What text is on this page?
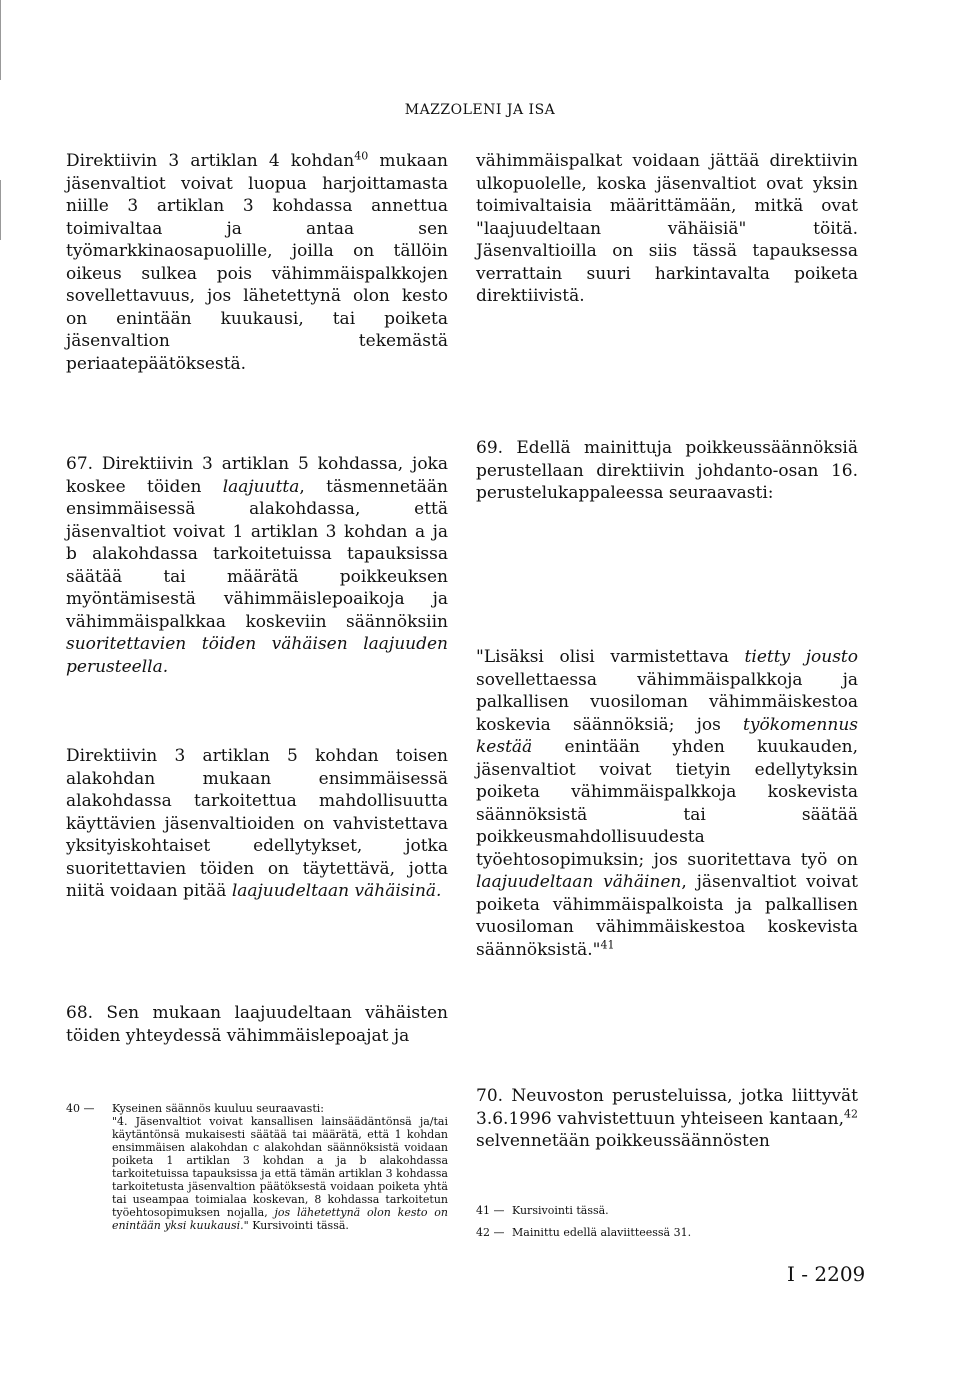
MAZZOLENI JA ISA

Direktiivin 3 artiklan 4 kohdan$^{40}$ mukaan jäsenvaltiot voivat luopua harjoittamasta niille 3 artiklan 3 kohdassa annettua toimivaltaa ja antaa sen työmarkkinaosapuolille, joilla on tällöin oikeus sulkea pois vähimmäispalkkojen sovellettavuus, jos lähetettynä olon kesto on enintään kuukausi, tai poiketa jäsenvaltion tekemästä periaatepäätöksestä.

vähimmäispalkat voidaan jättää direktiivin ulkopuolelle, koska jäsenvaltiot ovat yksin toimivaltaisia määrittämään, mitkä ovat "laajuudeltaan vähäisiä" töitä. Jäsenvaltioilla on siis tässä tapauksessa verrattain suuri harkintavalta poiketa direktiivistä.

67. Direktiivin 3 artiklan 5 kohdassa, joka koskee töiden laajuutta, täsmennetään ensimmäisessä alakohdassa, että jäsenvaltiot voivat 1 artiklan 3 kohdan a ja b alakohdassa tarkoitetuissa tapauksissa säätää tai määrätä poikkeuksen myöntämisestä vähimmäislepoaikoja ja vähimmäispalkkaa koskeviin säännöksiin suoritettavien töiden vähäisen laajuuden perusteella.

Direktiivin 3 artiklan 5 kohdan toisen alakohdan mukaan ensimmäisessä alakohdassa tarkoitettua mahdollisuutta käyttävien jäsenvaltioiden on vahvistettava yksityiskohtaiset edellytykset, jotka suoritettavien töiden on täytettävä, jotta niitä voidaan pitää laajuudeltaan vähäisinä.

69. Edellä mainittuja poikkeussäännöksiä perustellaan direktiivin johdanto-osan 16. perustelukappaleessa seuraavasti:

"Lisäksi olisi varmistettava tietty jousto sovellettaessa vähimmäispalkkoja ja palkallisen vuosiloman vähimmäiskestoa koskevia säännöksiä; jos työkomennus kestää enintään yhden kuukauden, jäsenvaltiot voivat tietyin edellytyksin poiketa vähimmäispalkkoja koskevista säännöksistä tai säätää poikkeusmahdollisuudesta työehtosopimuksin; jos suoritettava työ on laajuudeltaan vähäinen, jäsenvaltiot voivat poiketa vähimmäispalkoista ja palkallisen vuosiloman vähimmäiskestoa koskevista säännöksistä."$^{41}$

68. Sen mukaan laajuudeltaan vähäisten töiden yhteydessä vähimmäislepoajat ja

70. Neuvoston perusteluissa, jotka liittyvät 3.6.1996 vahvistettuun yhteiseen kantaan,$^{42}$ selvennetään poikkeussäännösten

40 — Kyseinen säännös kuuluu seuraavasti:
"4. Jäsenvaltiot voivat kansallisen lainsäädäntönsä ja/tai käytäntönsä mukaisesti säätää tai määrätä, että 1 kohdan ensimmäisen alakohdan c alakohdan säännöksistä voidaan poiketa 1 artiklan 3 kohdan a ja b alakohdassa tarkoitetuissa tapauksissa ja että tämän artiklan 3 kohdassa tarkoitetusta jäsenvaltion päätöksestä voidaan poiketa yhtä tai useampaa toimialaa koskevan, 8 kohdassa tarkoitetun työehtosopimuksen nojalla, jos lähetettynä olon kesto on enintään yksi kuukausi." Kursivointi tässä.
41 — Kursivointi tässä.
42 — Mainittu edellä alaviitteessä 31.
I - 2209
